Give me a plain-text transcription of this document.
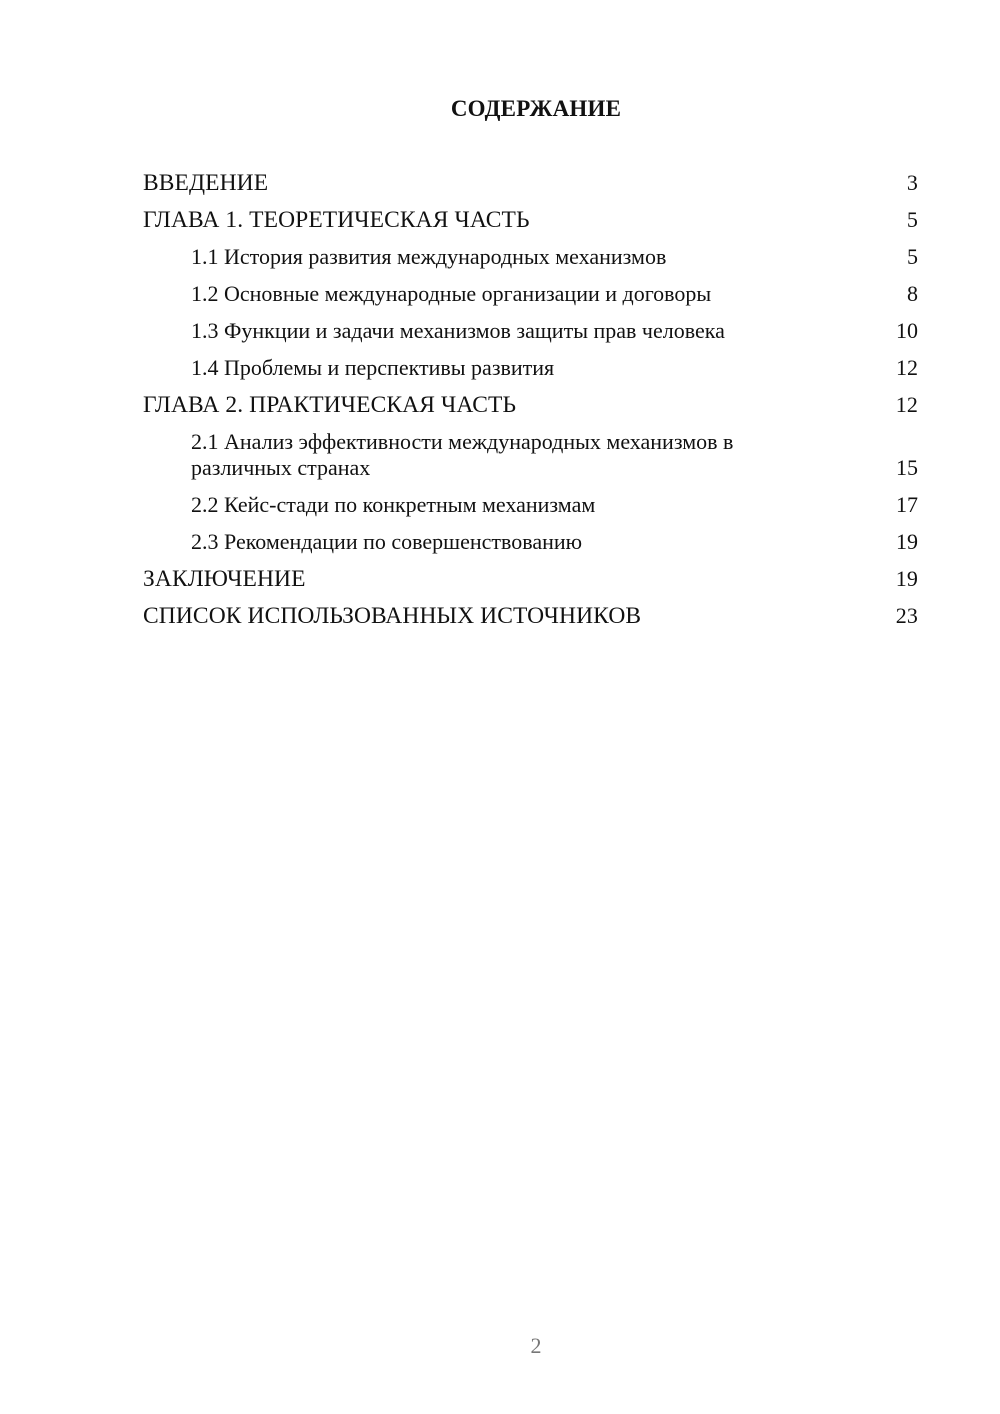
СОДЕРЖАНИЕ
ВВЕДЕНИЕ	3
ГЛАВА 1. ТЕОРЕТИЧЕСКАЯ ЧАСТЬ	5
1.1 История развития международных механизмов	5
1.2 Основные международные организации и договоры	8
1.3 Функции и задачи механизмов защиты прав человека	10
1.4 Проблемы и перспективы развития	12
ГЛАВА 2. ПРАКТИЧЕСКАЯ ЧАСТЬ	12
2.1 Анализ эффективности международных механизмов в различных странах	15
2.2 Кейс-стади по конкретным механизмам	17
2.3 Рекомендации по совершенствованию	19
ЗАКЛЮЧЕНИЕ	19
СПИСОК ИСПОЛЬЗОВАННЫХ ИСТОЧНИКОВ	23
2
